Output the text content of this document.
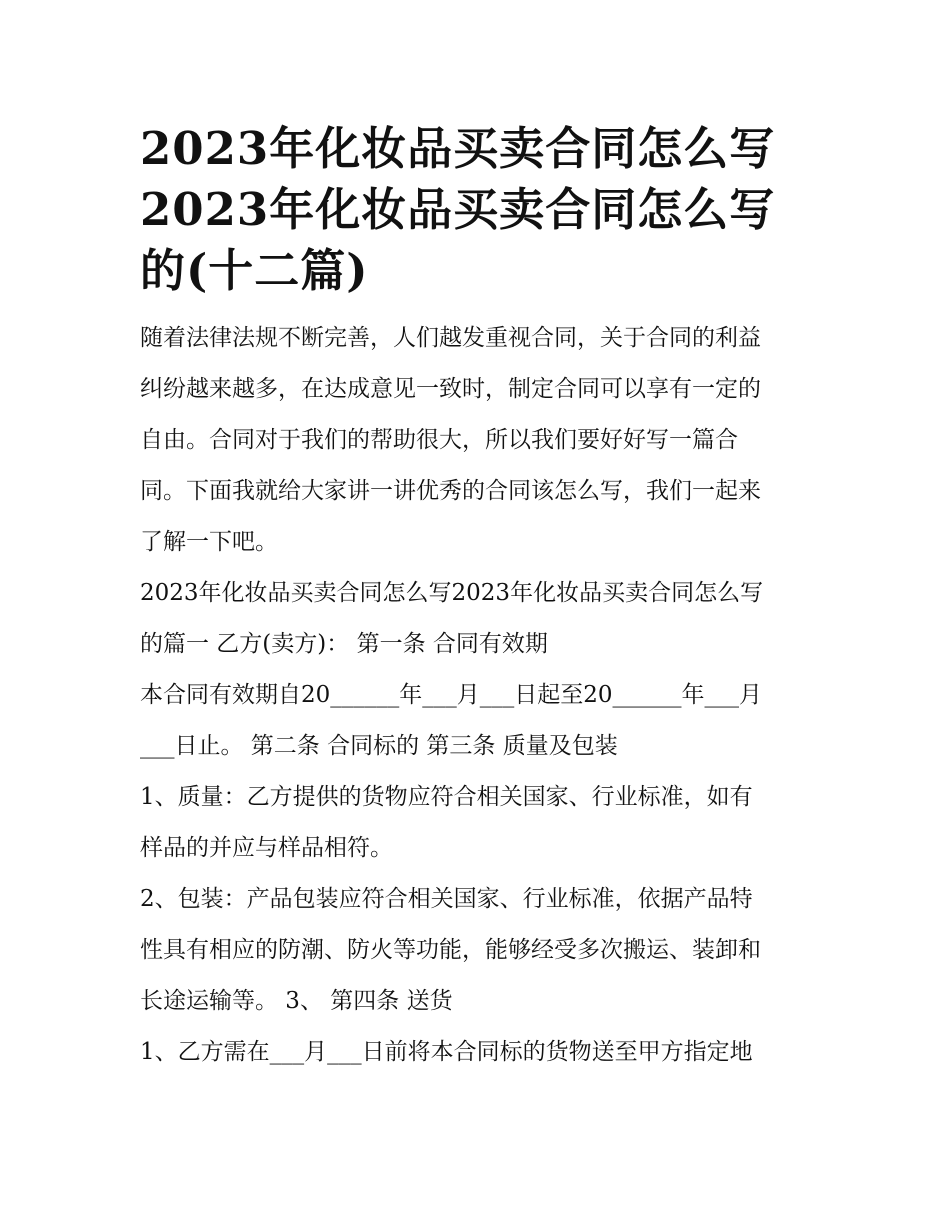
2023年化妆品买卖合同怎么写
2023年化妆品买卖合同怎么写
的(十二篇)
随着法律法规不断完善，人们越发重视合同，关于合同的利益
纠纷越来越多，在达成意见一致时，制定合同可以享有一定的
自由。合同对于我们的帮助很大，所以我们要好好写一篇合
同。下面我就给大家讲一讲优秀的合同该怎么写，我们一起来
了解一下吧。
2023年化妆品买卖合同怎么写2023年化妆品买卖合同怎么写
的篇一 乙方(卖方)： 第一条 合同有效期
本合同有效期自20______年___月___日起至20______年___月
___日止。 第二条 合同标的 第三条 质量及包装
1、质量：乙方提供的货物应符合相关国家、行业标准，如有
样品的并应与样品相符。
2、包装：产品包装应符合相关国家、行业标准，依据产品特
性具有相应的防潮、防火等功能，能够经受多次搬运、装卸和
长途运输等。 3、 第四条 送货
1、乙方需在___月___日前将本合同标的货物送至甲方指定地
